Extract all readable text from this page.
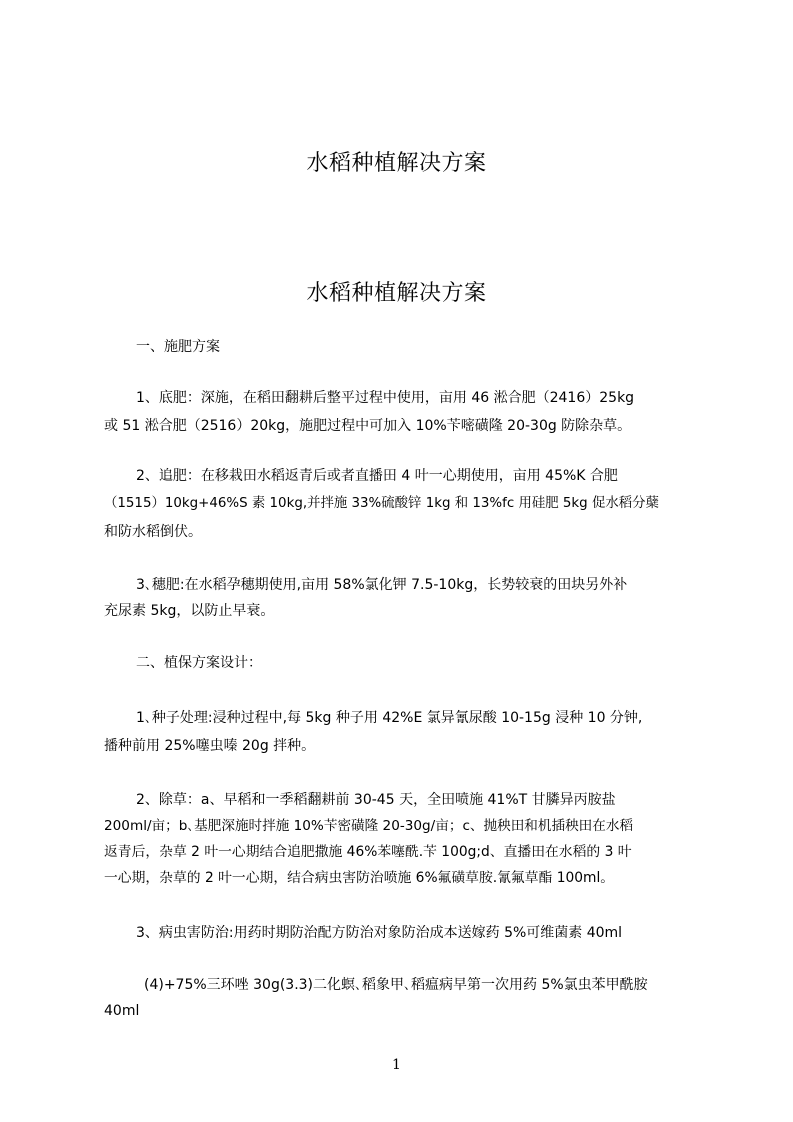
水稻种植解决方案
水稻种植解决方案
一、施肥方案
1、底肥：深施，在稻田翻耕后整平过程中使用，亩用 46 淞合肥（2416）25kg
或 51 淞合肥（2516）20kg，施肥过程中可加入 10%苄嘧磺隆 20-30g 防除杂草。
2、追肥：在移栽田水稻返青后或者直播田 4 叶一心期使用，亩用 45%K 合肥
（1515）10kg+46%S 素 10kg,并拌施 33%硫酸锌 1kg 和 13%fc 用硅肥 5kg 促水稻分蘖
和防水稻倒伏。
3､穗肥:在水稻孕穗期使用,亩用 58%氯化钾 7.5-10kg，长势较衰的田块另外补
充尿素 5kg，以防止早衰。
二、植保方案设计：
1､种子处理:浸种过程中,每 5kg 种子用 42%E 氯异氰尿酸 10-15g 浸种 10 分钟,
播种前用 25%噻虫嗪 20g 拌种。
2、除草：a、早稻和一季稻翻耕前 30-45 天，全田喷施 41%T 甘膦异丙胺盐
200ml/亩；b､基肥深施时拌施 10%苄密磺隆 20-30g/亩；c、抛秧田和机插秧田在水稻
返青后，杂草 2 叶一心期结合追肥撒施 46%苯噻酰.苄 100g;d、直播田在水稻的 3 叶
一心期，杂草的 2 叶一心期，结合病虫害防治喷施 6%氟磺草胺.氰氟草酯 100ml。
3、病虫害防治:用药时期防治配方防治对象防治成本送嫁药 5%可维菌素 40ml
(4)+75%三环唑 30g(3.3)二化螟､稻象甲､稻瘟病早第一次用药 5%氯虫苯甲酰胺
40ml
1
